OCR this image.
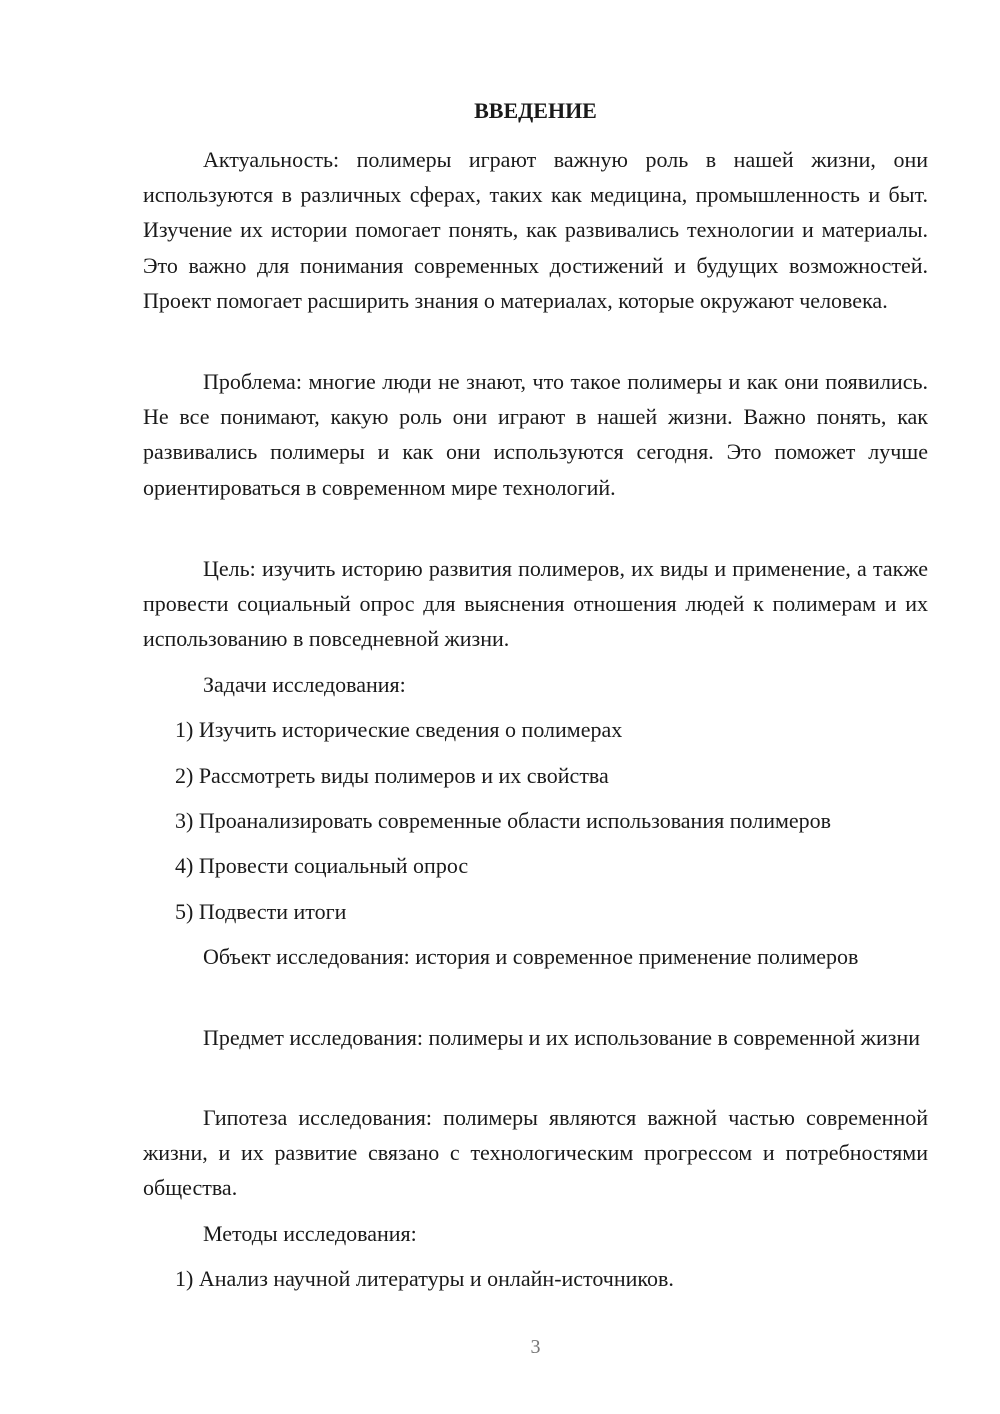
ВВЕДЕНИЕ

Актуальность: полимеры играют важную роль в нашей жизни, они используются в различных сферах, таких как медицина, промышленность и быт. Изучение их истории помогает понять, как развивались технологии и материалы. Это важно для понимания современных достижений и будущих возможностей. Проект помогает расширить знания о материалах, которые окружают человека.

Проблема: многие люди не знают, что такое полимеры и как они появились. Не все понимают, какую роль они играют в нашей жизни. Важно понять, как развивались полимеры и как они используются сегодня. Это поможет лучше ориентироваться в современном мире технологий.

Цель: изучить историю развития полимеров, их виды и применение, а также провести социальный опрос для выяснения отношения людей к полимерам и их использованию в повседневной жизни.

Задачи исследования:

1) Изучить исторические сведения о полимерах

2) Рассмотреть виды полимеров и их свойства

3) Проанализировать современные области использования полимеров

4) Провести социальный опрос

5) Подвести итоги

Объект исследования: история и современное применение полимеров

Предмет исследования: полимеры и их использование в современной жизни

Гипотеза исследования: полимеры являются важной частью современной жизни, и их развитие связано с технологическим прогрессом и потребностями общества.

Методы исследования:

1) Анализ научной литературы и онлайн-источников.

3
